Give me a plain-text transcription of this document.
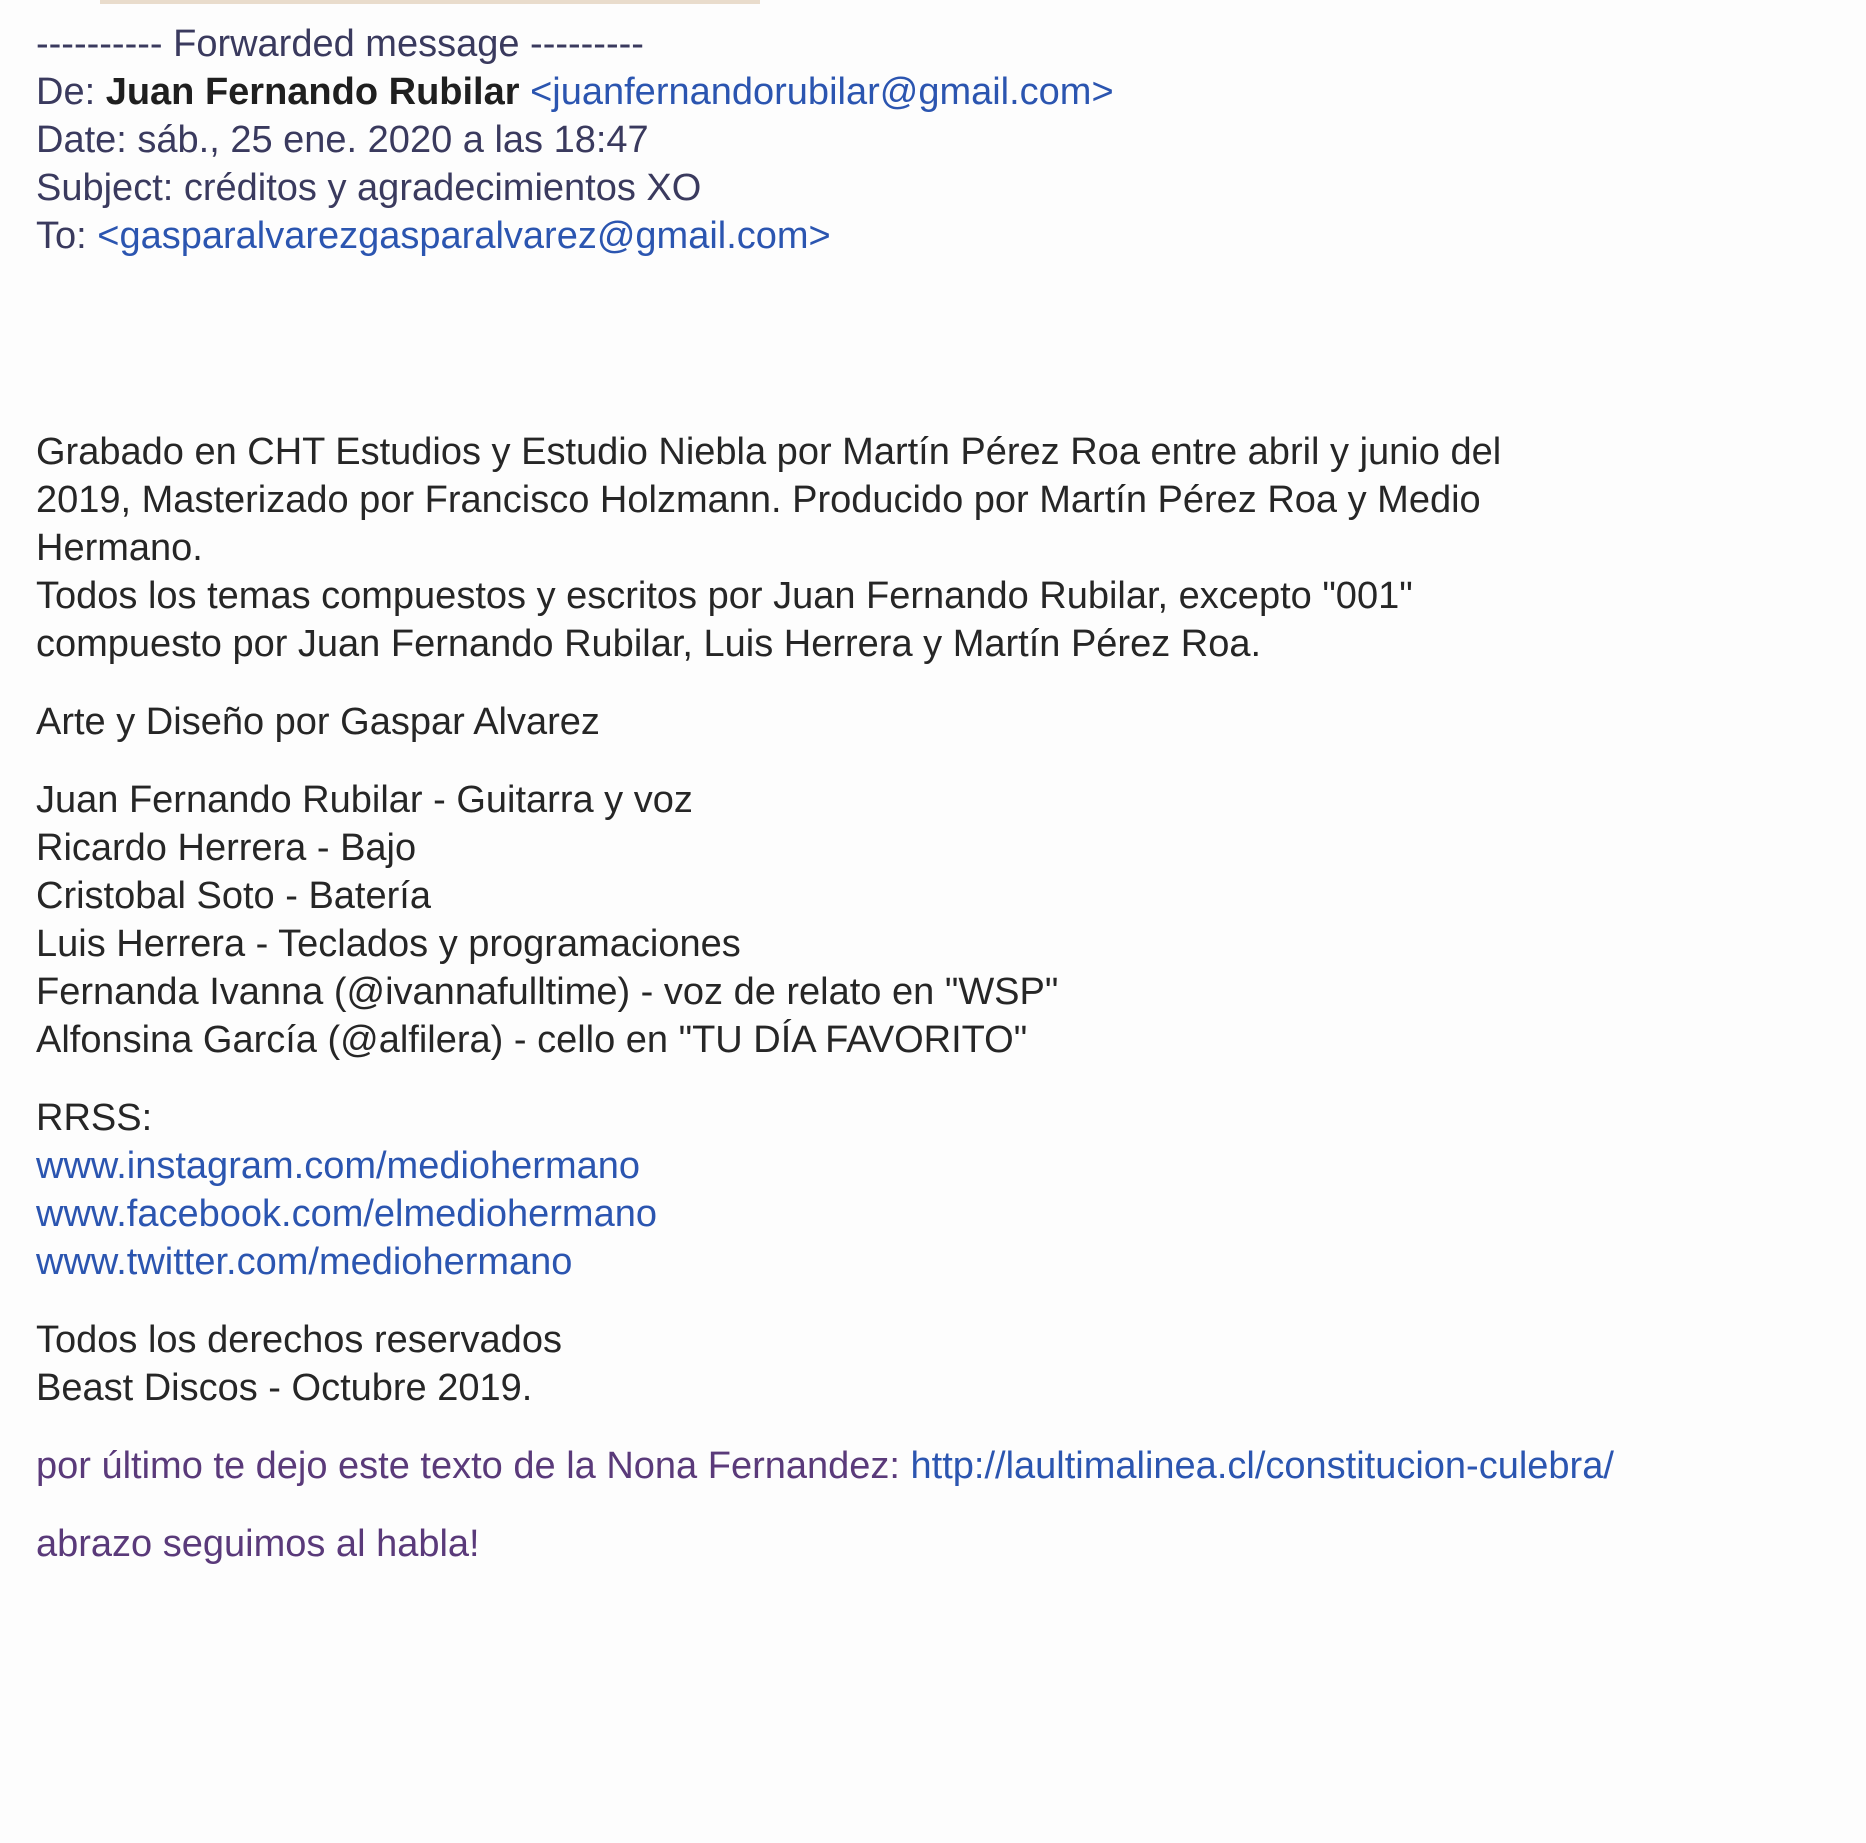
---------- Forwarded message ---------
De: Juan Fernando Rubilar <juanfernandorubilar@gmail.com>
Date: sáb., 25 ene. 2020 a las 18:47
Subject: créditos y agradecimientos XO
To: <gasparalvarezgasparalvarez@gmail.com>
Grabado en CHT Estudios y Estudio Niebla por Martín Pérez Roa entre abril y junio del
2019, Masterizado por Francisco Holzmann. Producido por Martín Pérez Roa y Medio
Hermano.
Todos los temas compuestos y escritos por Juan Fernando Rubilar, excepto "001"
compuesto por Juan Fernando Rubilar, Luis Herrera y Martín Pérez Roa.
Arte y Diseño por Gaspar Alvarez
Juan Fernando Rubilar - Guitarra y voz
Ricardo Herrera - Bajo
Cristobal Soto - Batería
Luis Herrera - Teclados y programaciones
Fernanda Ivanna (@ivannafulltime) - voz de relato en "WSP"
Alfonsina García (@alfilera) - cello en "TU DÍA FAVORITO"
RRSS:
www.instagram.com/mediohermano
www.facebook.com/elmediohermano
www.twitter.com/mediohermano
Todos los derechos reservados
Beast Discos - Octubre 2019.
por último te dejo este texto de la Nona Fernandez: http://laultimalinea.cl/constitucion-culebra/
abrazo seguimos al habla!
